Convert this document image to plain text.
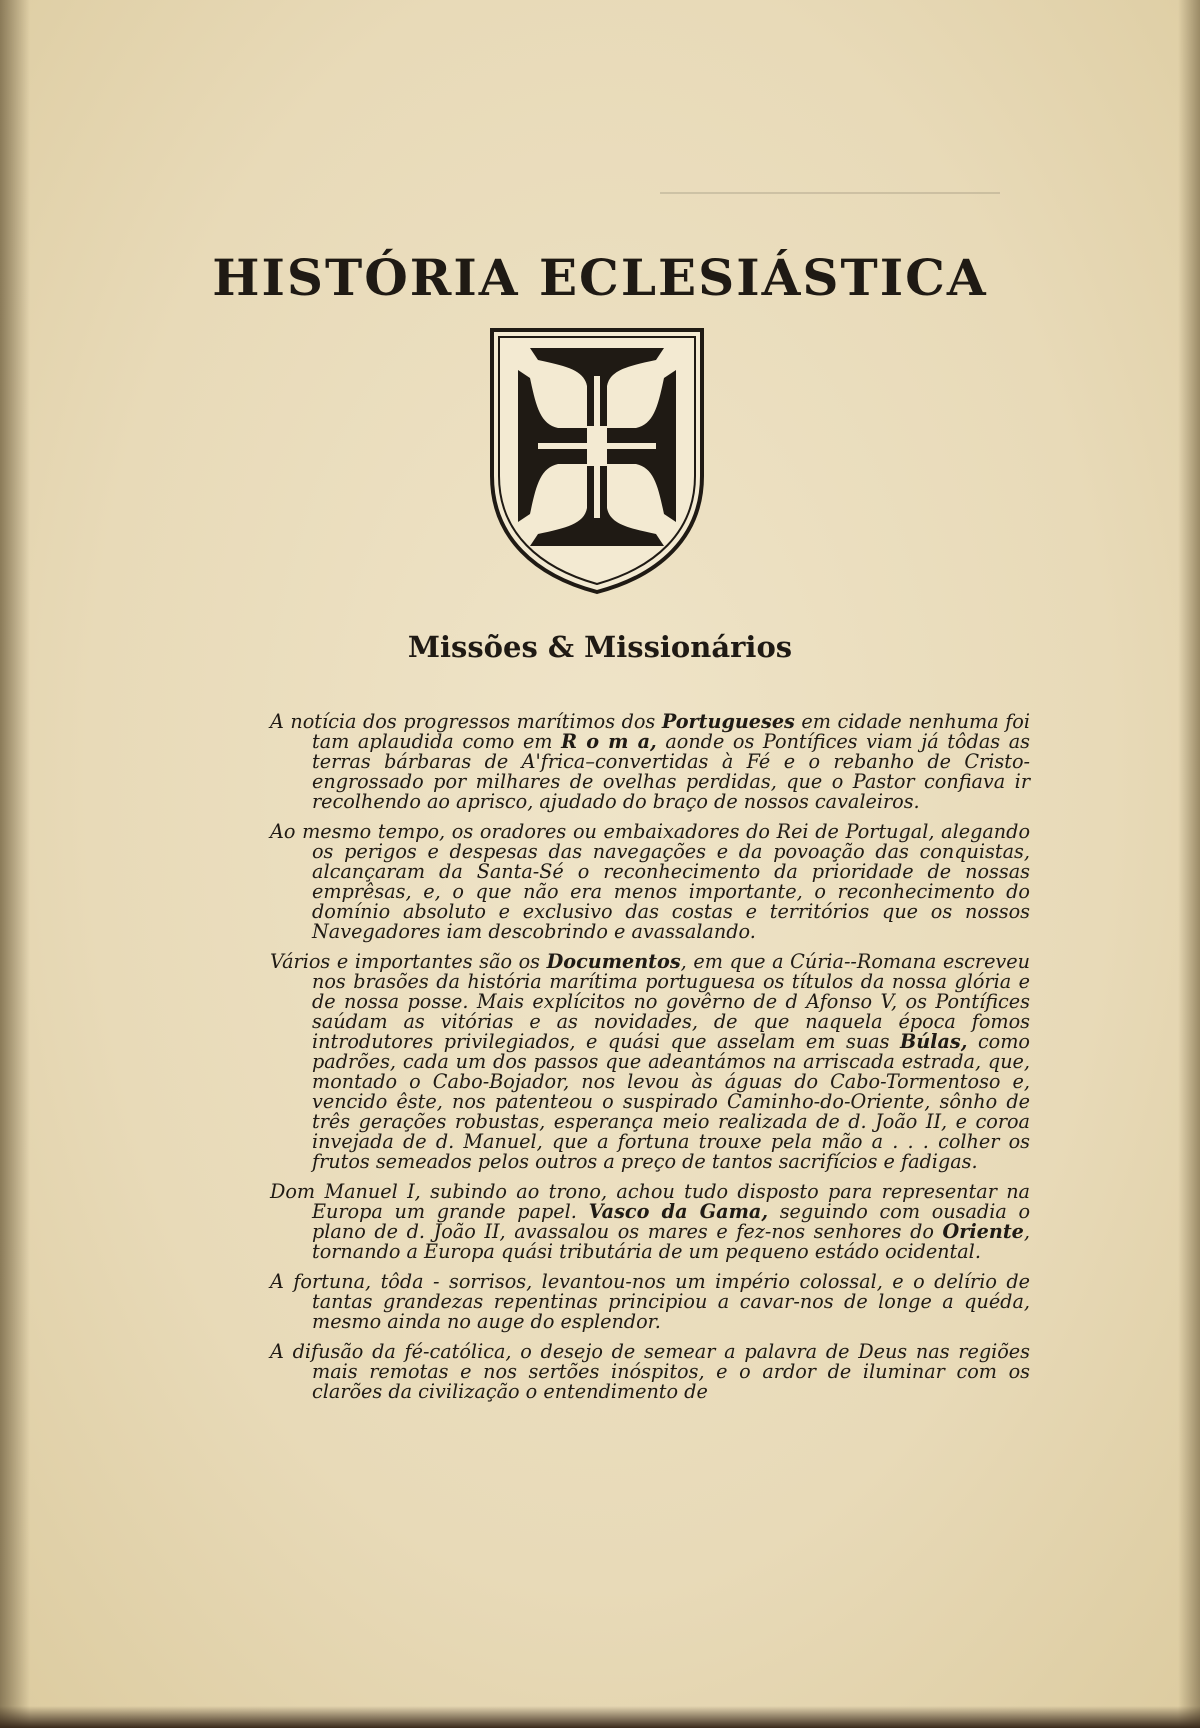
HISTÓRIA ECLESIÁSTICA
Missões & Missionários

A notícia dos progressos marítimos dos Portugueses em cidade nenhuma foi tam aplaudida como em R o m a, aonde os Pontífices viam já tôdas as terras bárbaras de A'frica–convertidas à Fé e o rebanho de Cristo- engrossado por milhares de ovelhas perdidas, que o Pastor confiava ir recolhendo ao aprisco, ajudado do braço de nossos cavaleiros.

Ao mesmo tempo, os oradores ou embaixadores do Rei de Portugal, alegando os perigos e despesas das navegações e da povoação das conquistas, alcançaram da Santa-Sé o reconhecimento da prioridade de nossas emprêsas, e, o que não era menos importante, o reconhecimento do domínio absoluto e exclusivo das costas e territórios que os nossos Navegadores iam descobrindo e avassalando.

Vários e importantes são os Documentos, em que a Cúria--Romana escreveu nos brasões da história marítima portuguesa os títulos da nossa glória e de nossa posse. Mais explícitos no govêrno de d Afonso V, os Pontífices saúdam as vitórias e as novidades, de que naquela época fomos introdutores privilegiados, e quási que asselam em suas Búlas, como padrões, cada um dos passos que adeantámos na arriscada estrada, que, montado o Cabo-Bojador, nos levou às águas do Cabo-Tormentoso e, vencido êste, nos patenteou o suspirado Caminho-do-Oriente, sônho de três gerações robustas, esperança meio realizada de d. João II, e coroa invejada de d. Manuel, que a fortuna trouxe pela mão a . . . colher os frutos semeados pelos outros a preço de tantos sacrifícios e fadigas.

Dom Manuel I, subindo ao trono, achou tudo disposto para representar na Europa um grande papel. Vasco da Gama, seguindo com ousadia o plano de d. João II, avassalou os mares e fez-nos senhores do Oriente, tornando a Europa quási tributária de um pequeno estádo ocidental.

A fortuna, tôda - sorrisos, levantou-nos um império colossal, e o delírio de tantas grandezas repentinas principiou a cavar-nos de longe a quéda, mesmo ainda no auge do esplendor.

A difusão da fé-católica, o desejo de semear a palavra de Deus nas regiões mais remotas e nos sertões inóspitos, e o ardor de iluminar com os clarões da civilização o entendimento de
